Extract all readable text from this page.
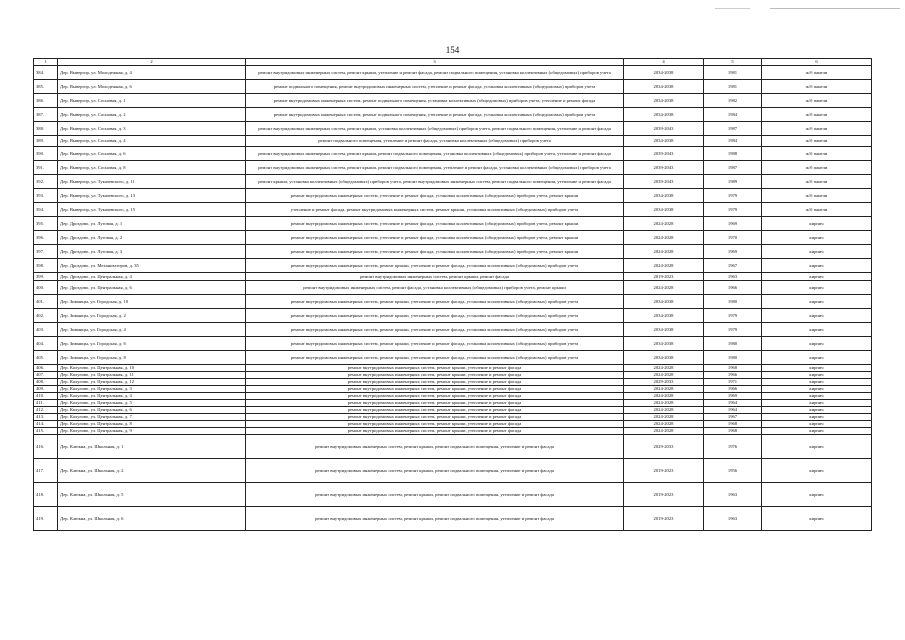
154
1	2	3	4	5	6
384.	Дер. Вывергор, ул. Молодежная, д. 4	ремонт внутридомовых инженерных систем, ремонт крыши, утепление и ремонт фасада, ремонт подвального помещения, установка коллективных (общедомовых) приборов учета	2034-2038	1981	ж/б панели
385.	Дер. Вывергор, ул. Молодежная, д. 6	ремонт подвального помещения, ремонт внутридомовых инженерных систем, утепление и ремонт фасада, установка коллективных (общедомовых) приборов учета	2034-2038	1981	ж/б панели
386.	Дер. Вывергор, ул. Сосновая, д. 1	ремонт внутридомовых инженерных систем, ремонт подвального помещения, установка коллективных (общедомовых) приборов учета, утепление и ремонт фасада	2034-2038	1982	ж/б панели
387.	Дер. Вывергор, ул. Сосновая, д. 2	ремонт внутридомовых инженерных систем, ремонт подвального помещения, утепление и ремонт фасада, установка коллективных (общедомовых) приборов учета	2034-2038	1984	ж/б панели
388.	Дер. Вывергор, ул. Сосновая, д. 3	ремонт внутридомовых инженерных систем, ремонт крыши, установка коллективных (общедомовых) приборов учета, ремонт подвального помещения, утепление и ремонт фасада	2039-2043	1987	ж/б панели
389.	Дер. Вывергор, ул. Сосновая, д. 4	ремонт подвального помещения, утепление и ремонт фасада, установка коллективных (общедомовых) приборов учета	2034-2038	1984	ж/б панели
390.	Дер. Вывергор, ул. Сосновая, д. 6	ремонт внутридомовых инженерных систем, ремонт крыши, ремонт подвального помещения, установка коллективных (общедомовых) приборов учета, утепление и ремонт фасада	2039-2043	1988	ж/б панели
391.	Дер. Вывергор, ул. Сосновая, д. 8	ремонт внутридомовых инженерных систем, ремонт крыши, ремонт подвального помещения, утепление и ремонт фасада, установка коллективных (общедомовых) приборов учета	2039-2043	1987	ж/б панели
392.	Дер. Вывергор, ул. Тукачевского, д. 11	ремонт крыши, установка коллективных (общедомовых) приборов учета, ремонт внутридомовых инженерных систем, ремонт подвального помещения, утепление и ремонт фасада	2039-2043	1989	ж/б панели
393.	Дер. Вывергор, ул. Тукачевского, д. 13	ремонт внутридомовых инженерных систем, утепление и ремонт фасада, установка коллективных (общедомовых) приборов учета, ремонт крыши	2034-2038	1979	ж/б панели
394.	Дер. Вывергор, ул. Тукачевского, д. 15	утепление и ремонт фасада, ремонт внутридомовых инженерных систем, ремонт крыши, установка коллективных (общедомовых) приборов учета	2034-2038	1979	ж/б панели
395.	Дер. Дроздово, ул. Луговая, д. 1	ремонт внутридомовых инженерных систем, утепление и ремонт фасада, установка коллективных (общедомовых) приборов учета, ремонт крыши	2024-2028	1969	кирпич
396.	Дер. Дроздово, ул. Луговая, д. 2	ремонт внутридомовых инженерных систем, утепление и ремонт фасада, установка коллективных (общедомовых) приборов учета, ремонт крыши	2024-2028	1970	кирпич
397.	Дер. Дроздово, ул. Луговая, д. 3	ремонт внутридомовых инженерных систем, утепление и ремонт фасада, установка коллективных (общедомовых) приборов учета, ремонт крыши	2024-2028	1969	кирпич
398.	Дер. Дроздово, ул. Механизаторов, д. 35	ремонт внутридомовых инженерных систем, ремонт крыши, утепление и ремонт фасада, установка коллективных (общедомовых) приборов учета	2024-2028	1967	кирпич
399.	Дер. Дроздово, ул. Центральная, д. 4	ремонт внутридомовых инженерных систем, ремонт крыши, ремонт фасада	2019-2023	1963	кирпич
400.	Дер. Дроздово, ул. Центральная, д. 6	ремонт внутридомовых инженерных систем, ремонт фасада, установка коллективных (общедомовых) приборов учета, ремонт крыши	2024-2028	1966	кирпич
401.	Дер. Зимницы, ул. Городская, д. 10	ремонт внутридомовых инженерных систем, ремонт крыши, утепление и ремонт фасада, установка коллективных (общедомовых) приборов учета	2034-2038	1980	кирпич
402.	Дер. Зимницы, ул. Городская, д. 2	ремонт внутридомовых инженерных систем, ремонт крыши, утепление и ремонт фасада, установка коллективных (общедомовых) приборов учета	2034-2038	1979	кирпич
403.	Дер. Зимницы, ул. Городская, д. 4	ремонт внутридомовых инженерных систем, ремонт крыши, утепление и ремонт фасада, установка коллективных (общедомовых) приборов учета	2034-2038	1979	кирпич
404.	Дер. Зимницы, ул. Городская, д. 6	ремонт внутридомовых инженерных систем, ремонт крыши, утепление и ремонт фасада, установка коллективных (общедомовых) приборов учета	2034-2038	1980	кирпич
405.	Дер. Зимницы, ул. Городская, д. 8	ремонт внутридомовых инженерных систем, ремонт крыши, утепление и ремонт фасада, установка коллективных (общедомовых) приборов учета	2034-2038	1980	кирпич
406.	Дер. Калулово, ул. Центральная, д. 10	ремонт внутридомовых инженерных систем, ремонт крыши, утепление и ремонт фасада	2024-2028	1968	кирпич
407.	Дер. Калулово, ул. Центральная, д. 11	ремонт внутридомовых инженерных систем, ремонт крыши, утепление и ремонт фасада	2024-2028	1966	кирпич
408.	Дер. Калулово, ул. Центральная, д. 12	ремонт внутридомовых инженерных систем, ремонт крыши, утепление и ремонт фасада	2029-2033	1971	кирпич
409.	Дер. Калулово, ул. Центральная, д. 3	ремонт внутридомовых инженерных систем, ремонт крыши, утепление и ремонт фасада	2024-2028	1966	кирпич
410.	Дер. Калулово, ул. Центральная, д. 4	ремонт внутридомовых инженерных систем, ремонт крыши, утепление и ремонт фасада	2024-2028	1969	кирпич
411.	Дер. Калулово, ул. Центральная, д. 5	ремонт внутридомовых инженерных систем, ремонт крыши, утепление и ремонт фасада	2024-2028	1964	кирпич
412.	Дер. Калулово, ул. Центральная, д. 6	ремонт внутридомовых инженерных систем, ремонт крыши, утепление и ремонт фасада	2024-2028	1964	кирпич
413.	Дер. Калулово, ул. Центральная, д. 7	ремонт внутридомовых инженерных систем, ремонт крыши, утепление и ремонт фасада	2024-2028	1967	кирпич
414.	Дер. Калулово, ул. Центральная, д. 8	ремонт внутридомовых инженерных систем, ремонт крыши, утепление и ремонт фасада	2024-2028	1968	кирпич
415.	Дер. Калулово, ул. Центральная, д. 9	ремонт внутридомовых инженерных систем, ремонт крыши, утепление и ремонт фасада	2024-2028	1968	кирпич
416.	Дер. Клюкна, ул. Школьная, д. 1	ремонт внутридомовых инженерных систем, ремонт крыши, ремонт подвального помещения, утепление и ремонт фасада	2029-2033	1976	кирпич
417.	Дер. Клюкна, ул. Школьная, д. 2	ремонт внутридомовых инженерных систем, ремонт крыши, ремонт подвального помещения, утепление и ремонт фасада	2019-2023	1956	кирпич
418.	Дер. Клюкна, ул. Школьная, д. 5	ремонт внутридомовых инженерных систем, ремонт крыши, ремонт подвального помещения, утепление и ремонт фасада	2019-2023	1963	кирпич
419.	Дер. Клюкна, ул. Школьная, д. 6	ремонт внутридомовых инженерных систем, ремонт крыши, ремонт подвального помещения, утепление и ремонт фасада	2019-2023	1963	кирпич
